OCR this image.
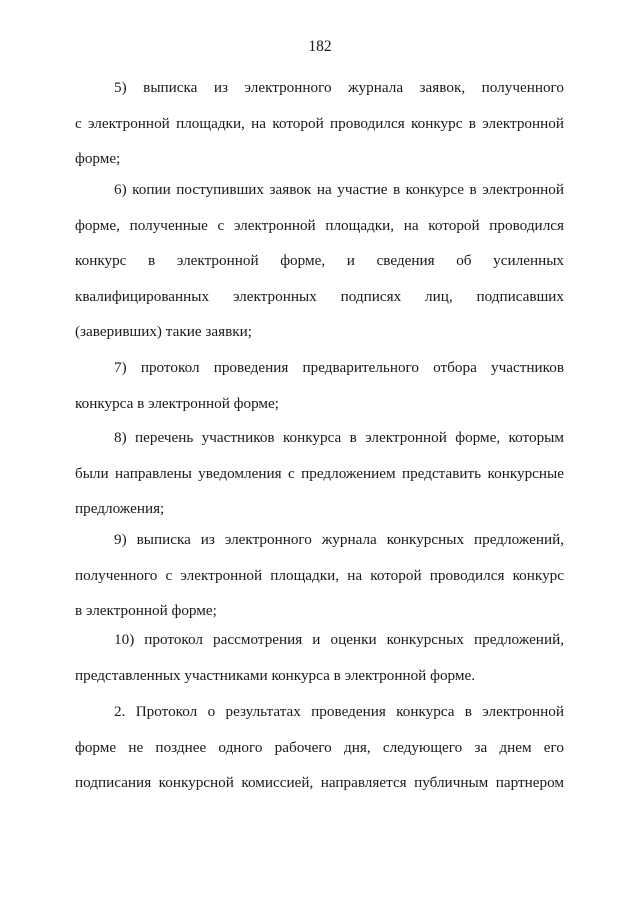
182
5) выписка из электронного журнала заявок, полученного
с электронной площадки, на которой проводился конкурс в электронной
форме;
6) копии поступивших заявок на участие в конкурсе в электронной
форме, полученные с электронной площадки, на которой проводился
конкурс в электронной форме, и сведения об усиленных
квалифицированных электронных подписях лиц, подписавших
(заверивших) такие заявки;
7) протокол проведения предварительного отбора участников
конкурса в электронной форме;
8) перечень участников конкурса в электронной форме, которым
были направлены уведомления с предложением представить конкурсные
предложения;
9) выписка из электронного журнала конкурсных предложений,
полученного с электронной площадки, на которой проводился конкурс
в электронной форме;
10) протокол рассмотрения и оценки конкурсных предложений,
представленных участниками конкурса в электронной форме.
2. Протокол о результатах проведения конкурса в электронной
форме не позднее одного рабочего дня, следующего за днем его
подписания конкурсной комиссией, направляется публичным партнером
